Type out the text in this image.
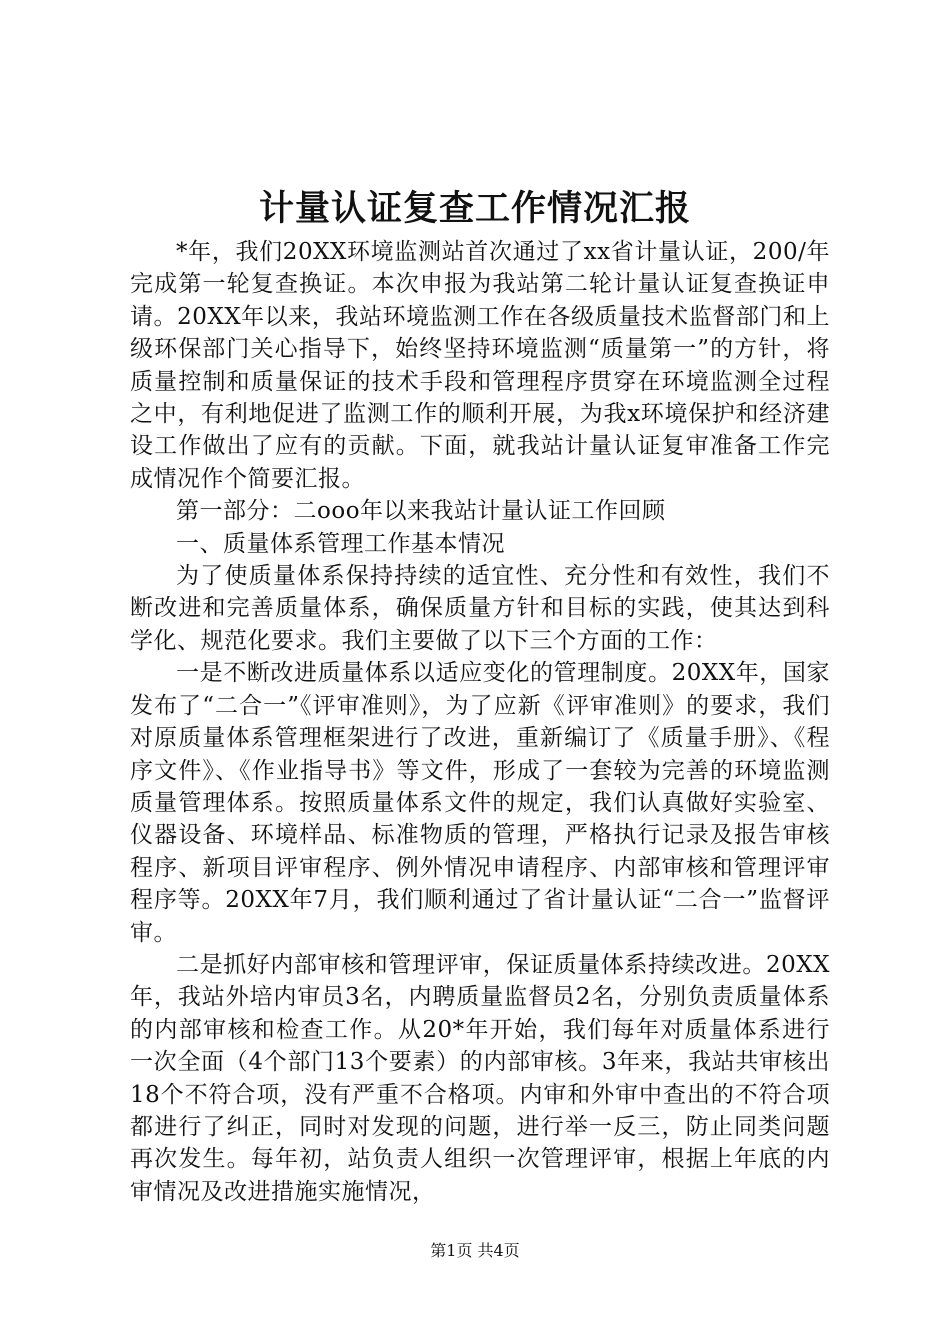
计量认证复查工作情况汇报

*年，我们20XX环境监测站首次通过了xx省计量认证，200/年完成第一轮复查换证。本次申报为我站第二轮计量认证复查换证申请。20XX年以来，我站环境监测工作在各级质量技术监督部门和上级环保部门关心指导下，始终坚持环境监测“质量第一”的方针，将质量控制和质量保证的技术手段和管理程序贯穿在环境监测全过程之中，有利地促进了监测工作的顺利开展，为我x环境保护和经济建设工作做出了应有的贡献。下面，就我站计量认证复审准备工作完成情况作个简要汇报。

第一部分：二ooo年以来我站计量认证工作回顾

一、质量体系管理工作基本情况

为了使质量体系保持持续的适宜性、充分性和有效性，我们不断改进和完善质量体系，确保质量方针和目标的实践，使其达到科学化、规范化要求。我们主要做了以下三个方面的工作：

一是不断改进质量体系以适应变化的管理制度。20XX年，国家发布了“二合一”《评审准则》，为了应新《评审准则》的要求，我们对原质量体系管理框架进行了改进，重新编订了《质量手册》、《程序文件》、《作业指导书》等文件，形成了一套较为完善的环境监测质量管理体系。按照质量体系文件的规定，我们认真做好实验室、仪器设备、环境样品、标准物质的管理，严格执行记录及报告审核程序、新项目评审程序、例外情况申请程序、内部审核和管理评审程序等。20XX年7月，我们顺利通过了省计量认证“二合一”监督评审。

二是抓好内部审核和管理评审，保证质量体系持续改进。20XX年，我站外培内审员3名，内聘质量监督员2名，分别负责质量体系的内部审核和检查工作。从20*年开始，我们每年对质量体系进行一次全面（4个部门13个要素）的内部审核。3年来，我站共审核出18个不符合项，没有严重不合格项。内审和外审中查出的不符合项都进行了纠正，同时对发现的问题，进行举一反三，防止同类问题再次发生。每年初，站负责人组织一次管理评审，根据上年底的内审情况及改进措施实施情况，

第1页 共4页
